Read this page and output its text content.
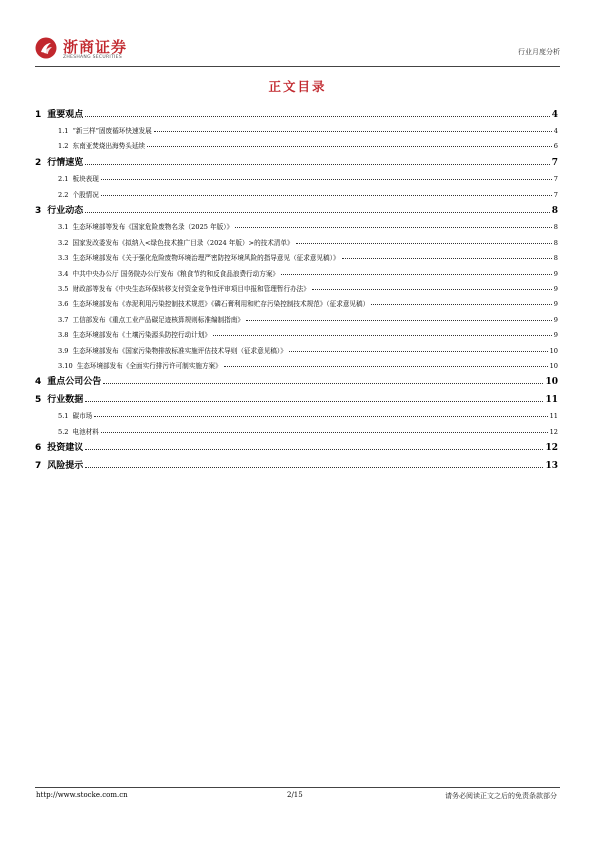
浙商证券
ZHESHANG SECURITIES
行业月度分析
正文目录
1 重要观点	4
1.1 “新三样”固废循环快速发展	4
1.2 东南亚焚烧出海势头延续	6
2 行情速览	7
2.1 板块表现	7
2.2 个股情况	7
3 行业动态	8
3.1 生态环境部等发布《国家危险废物名录（2025 年版）》	8
3.2 国家发改委发布《拟纳入<绿色技术推广目录（2024 年版）>的技术清单》	8
3.3 生态环境部发布《关于强化危险废物环境治理严密防控环境风险的指导意见（征求意见稿）》	8
3.4 中共中央办公厅 国务院办公厅发布《粮食节约和反食品浪费行动方案》	9
3.5 财政部等发布《中央生态环保转移支付资金竞争性评审项目申报和管理暂行办法》	9
3.6 生态环境部发布《赤泥利用污染控制技术规范》《磷石膏利用和贮存污染控制技术规范》（征求意见稿）	9
3.7 工信部发布《重点工业产品碳足迹核算规则标准编制指南》	9
3.8 生态环境部发布《土壤污染源头防控行动计划》	9
3.9 生态环境部发布《国家污染物排放标准实施评估技术导则（征求意见稿）》	10
3.10 生态环境部发布《全面实行排污许可制实施方案》	10
4 重点公司公告	10
5 行业数据	11
5.1 碳市场	11
5.2 电池材料	12
6 投资建议	12
7 风险提示	13
http://www.stocke.com.cn	2/15	请务必阅读正文之后的免责条款部分
